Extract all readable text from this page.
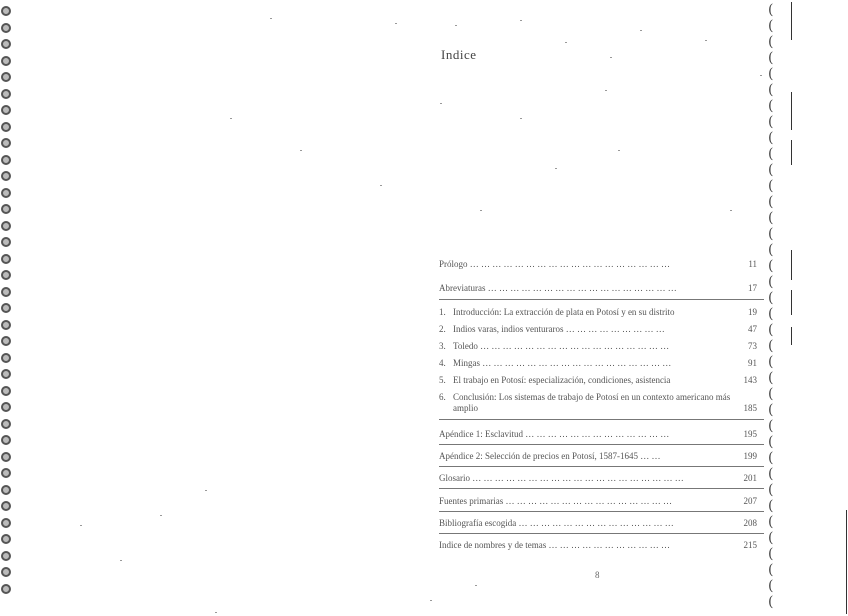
(
(
(
(
(
(
(
(
(
(
(
(
(
(
(
(
(
(
(
(
(
(
(
(
(
(
(
(
(
(
(
(
(
(
(
(
(
(
Indice
Prólogo … … … … … … … … … … … … … … … … … …	11
Abreviaturas … … … … … … … … … … … … … … … … …	17
1. Introducción: La extracción de plata en Potosí y en su distrito	19
2. Indios varas, indios venturaros … … … … … … … … …	47
3. Toledo … … … … … … … … … … … … … … … … …	73
4. Mingas … … … … … … … … … … … … … … … … …	91
5. El trabajo en Potosí: especialización, condiciones, asistencia	143
6. Conclusión: Los sistemas de trabajo de Potosí en un contexto americano más amplio	185
Apéndice 1: Esclavitud … … … … … … … … … … … … …	195
Apéndice 2: Selección de precios en Potosí, 1587-1645 … …	199
Glosario … … … … … … … … … … … … … … … … … … …	201
Fuentes primarias … … … … … … … … … … … … … … …	207
Bibliografía escogida … … … … … … … … … … … … … …	208
Indice de nombres y de temas … … … … … … … … … … …	215
8
